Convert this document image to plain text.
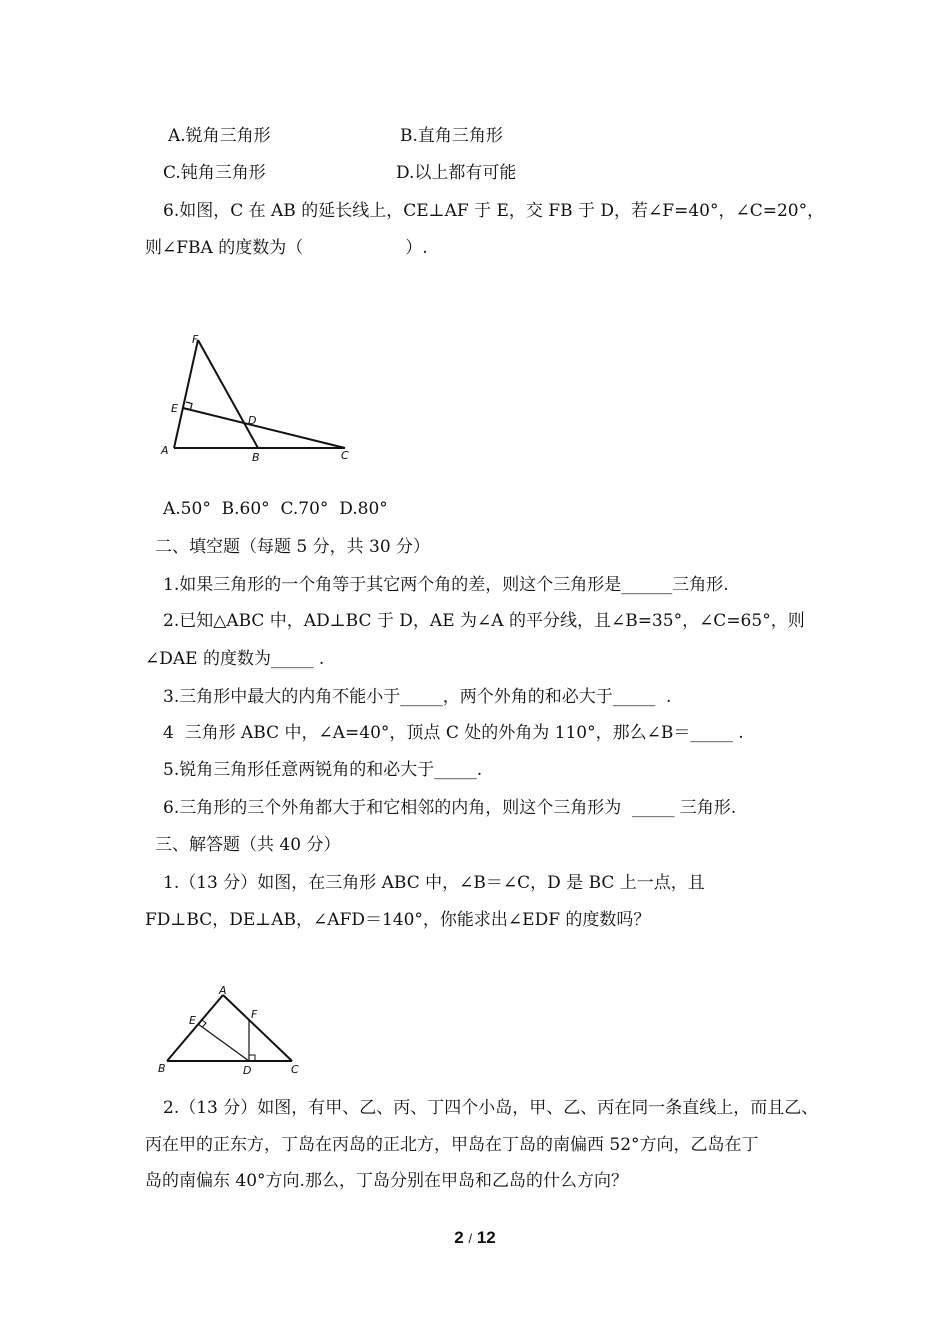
A.锐角三角形	B.直角三角形
C.钝角三角形	D.以上都有可能
6.如图，C 在 AB 的延长线上，CE⊥AF 于 E，交 FB 于 D，若∠F=40°，∠C=20°，
则∠FBA 的度数为（　　　　　　）.
F
E
D
A
B	C
A.50°  B.60°  C.70°  D.80°
二、填空题（每题 5 分，共 30 分）
1.如果三角形的一个角等于其它两个角的差，则这个三角形是______三角形.
2.已知△ABC 中，AD⊥BC 于 D，AE 为∠A 的平分线，且∠B=35°，∠C=65°，则
∠DAE 的度数为_____ .
3.三角形中最大的内角不能小于_____，两个外角的和必大于_____  .
4  三角形 ABC 中，∠A=40°，顶点 C 处的外角为 110°，那么∠B＝_____ .
5.锐角三角形任意两锐角的和必大于_____.
6.三角形的三个外角都大于和它相邻的内角，则这个三角形为  _____ 三角形.
三、解答题（共 40 分）
1.（13 分）如图，在三角形 ABC 中，∠B＝∠C，D 是 BC 上一点，且
FD⊥BC，DE⊥AB，∠AFD＝140°，你能求出∠EDF 的度数吗？
A
E	F
B	D	C
2.（13 分）如图，有甲、乙、丙、丁四个小岛，甲、乙、丙在同一条直线上，而且乙、
丙在甲的正东方，丁岛在丙岛的正北方，甲岛在丁岛的南偏西 52°方向，乙岛在丁
岛的南偏东 40°方向.那么，丁岛分别在甲岛和乙岛的什么方向？
2 / 12
